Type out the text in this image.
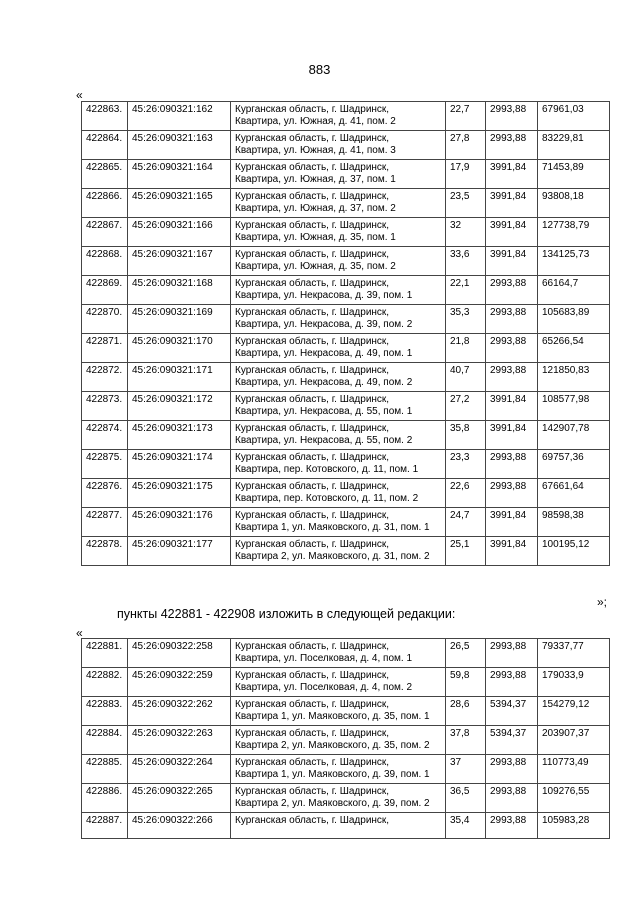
883
«
422863.	45:26:090321:162	Курганская область, г. Шадринск,
Квартира, ул. Южная, д. 41, пом. 2	22,7	2993,88	67961,03
422864.	45:26:090321:163	Курганская область, г. Шадринск,
Квартира, ул. Южная, д. 41, пом. 3	27,8	2993,88	83229,81
422865.	45:26:090321:164	Курганская область, г. Шадринск,
Квартира, ул. Южная, д. 37, пом. 1	17,9	3991,84	71453,89
422866.	45:26:090321:165	Курганская область, г. Шадринск,
Квартира, ул. Южная, д. 37, пом. 2	23,5	3991,84	93808,18
422867.	45:26:090321:166	Курганская область, г. Шадринск,
Квартира, ул. Южная, д. 35, пом. 1	32	3991,84	127738,79
422868.	45:26:090321:167	Курганская область, г. Шадринск,
Квартира, ул. Южная, д. 35, пом. 2	33,6	3991,84	134125,73
422869.	45:26:090321:168	Курганская область, г. Шадринск,
Квартира, ул. Некрасова, д. 39, пом. 1	22,1	2993,88	66164,7
422870.	45:26:090321:169	Курганская область, г. Шадринск,
Квартира, ул. Некрасова, д. 39, пом. 2	35,3	2993,88	105683,89
422871.	45:26:090321:170	Курганская область, г. Шадринск,
Квартира, ул. Некрасова, д. 49, пом. 1	21,8	2993,88	65266,54
422872.	45:26:090321:171	Курганская область, г. Шадринск,
Квартира, ул. Некрасова, д. 49, пом. 2	40,7	2993,88	121850,83
422873.	45:26:090321:172	Курганская область, г. Шадринск,
Квартира, ул. Некрасова, д. 55, пом. 1	27,2	3991,84	108577,98
422874.	45:26:090321:173	Курганская область, г. Шадринск,
Квартира, ул. Некрасова, д. 55, пом. 2	35,8	3991,84	142907,78
422875.	45:26:090321:174	Курганская область, г. Шадринск,
Квартира, пер. Котовского, д. 11, пом. 1	23,3	2993,88	69757,36
422876.	45:26:090321:175	Курганская область, г. Шадринск,
Квартира, пер. Котовского, д. 11, пом. 2	22,6	2993,88	67661,64
422877.	45:26:090321:176	Курганская область, г. Шадринск,
Квартира 1, ул. Маяковского, д. 31, пом. 1	24,7	3991,84	98598,38
422878.	45:26:090321:177	Курганская область, г. Шадринск,
Квартира 2, ул. Маяковского, д. 31, пом. 2	25,1	3991,84	100195,12
»;
пункты 422881 - 422908 изложить в следующей редакции:
«
422881.	45:26:090322:258	Курганская область, г. Шадринск,
Квартира, ул. Поселковая, д. 4, пом. 1	26,5	2993,88	79337,77
422882.	45:26:090322:259	Курганская область, г. Шадринск,
Квартира, ул. Поселковая, д. 4, пом. 2	59,8	2993,88	179033,9
422883.	45:26:090322:262	Курганская область, г. Шадринск,
Квартира 1, ул. Маяковского, д. 35, пом. 1	28,6	5394,37	154279,12
422884.	45:26:090322:263	Курганская область, г. Шадринск,
Квартира 2, ул. Маяковского, д. 35, пом. 2	37,8	5394,37	203907,37
422885.	45:26:090322:264	Курганская область, г. Шадринск,
Квартира 1, ул. Маяковского, д. 39, пом. 1	37	2993,88	110773,49
422886.	45:26:090322:265	Курганская область, г. Шадринск,
Квартира 2, ул. Маяковского, д. 39, пом. 2	36,5	2993,88	109276,55
422887.	45:26:090322:266	Курганская область, г. Шадринск,	35,4	2993,88	105983,28
